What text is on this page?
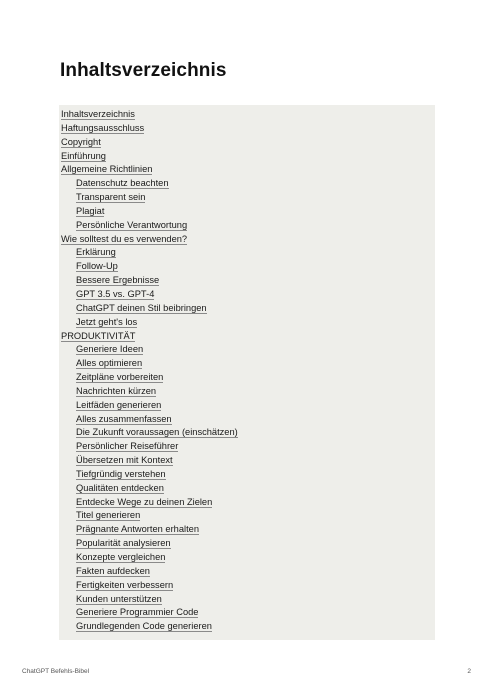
Inhaltsverzeichnis
Inhaltsverzeichnis
Haftungsausschluss
Copyright
Einführung
Allgemeine Richtlinien
Datenschutz beachten
Transparent sein
Plagiat
Persönliche Verantwortung
Wie solltest du es verwenden?
Erklärung
Follow-Up
Bessere Ergebnisse
GPT 3.5 vs. GPT-4
ChatGPT deinen Stil beibringen
Jetzt geht's los
PRODUKTIVITÄT
Generiere Ideen
Alles optimieren
Zeitpläne vorbereiten
Nachrichten kürzen
Leitfäden generieren
Alles zusammenfassen
Die Zukunft voraussagen (einschätzen)
Persönlicher Reiseführer
Übersetzen mit Kontext
Tiefgründig verstehen
Qualitäten entdecken
Entdecke Wege zu deinen Zielen
Titel generieren
Prägnante Antworten erhalten
Popularität analysieren
Konzepte vergleichen
Fakten aufdecken
Fertigkeiten verbessern
Kunden unterstützen
Generiere Programmier Code
Grundlegenden Code generieren
ChatGPT Befehls-Bibel	2
